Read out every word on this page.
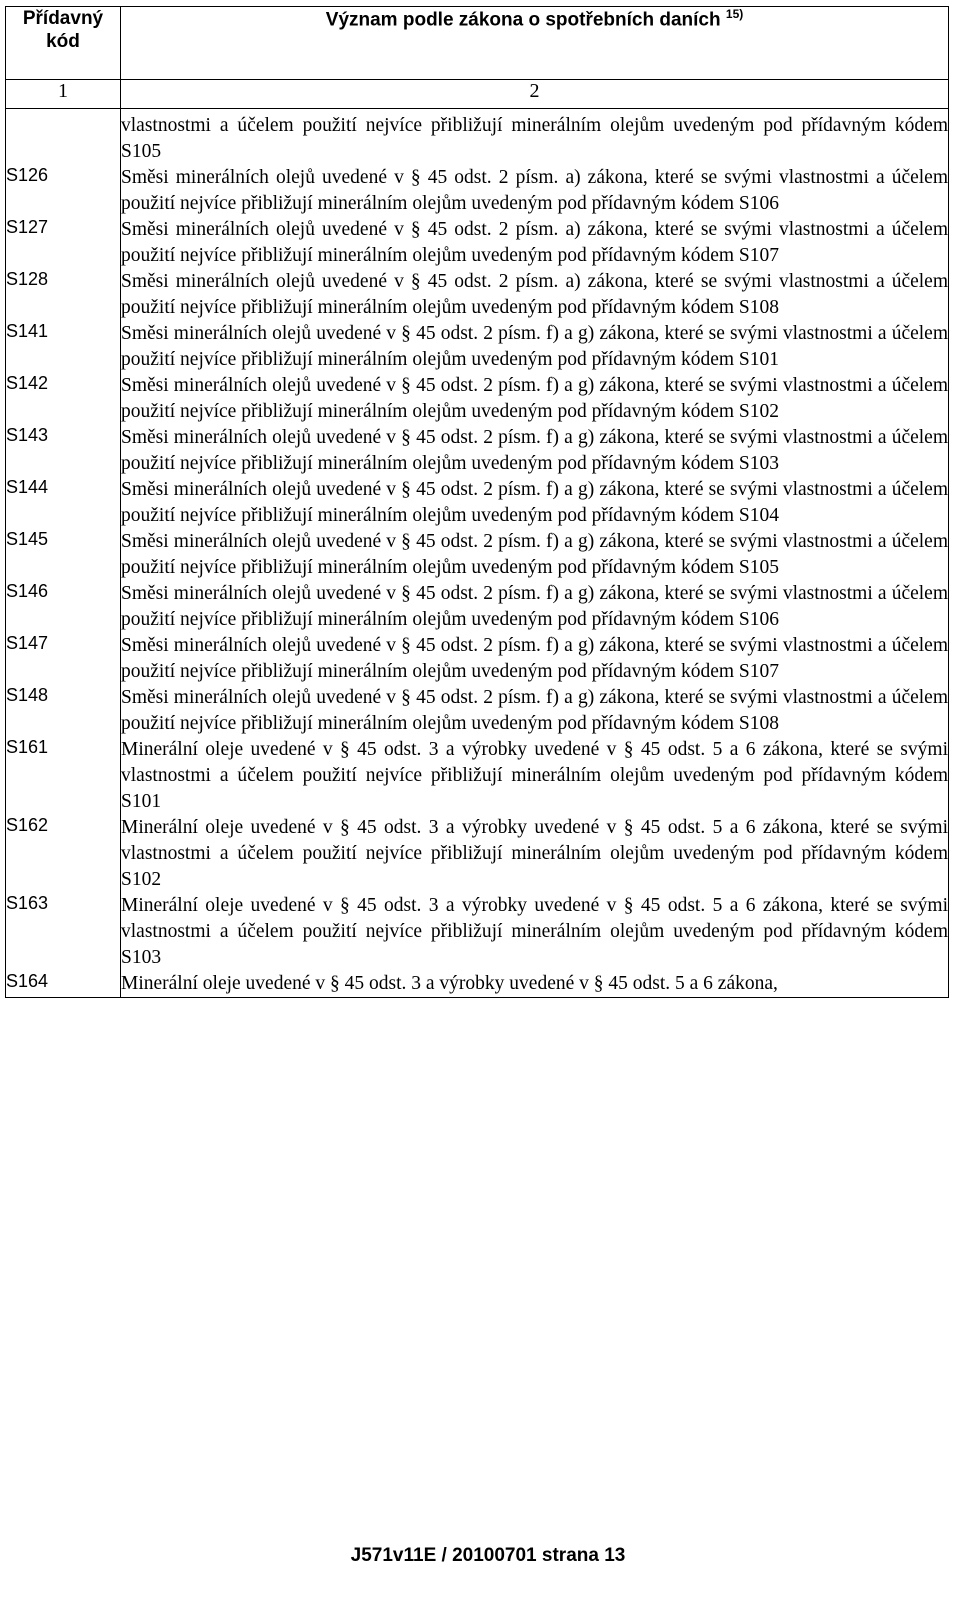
Přídavný kód	Význam podle zákona o spotřebních daních $^{15)}$
1	2
	vlastnostmi a účelem použití nejvíce přibližují minerálním olejům uvedeným pod přídavným kódem S105
S126	Směsi minerálních olejů uvedené v § 45 odst. 2 písm. a) zákona, které se svými vlastnostmi a účelem použití nejvíce přibližují minerálním olejům uvedeným pod přídavným kódem S106
S127	Směsi minerálních olejů uvedené v § 45 odst. 2 písm. a) zákona, které se svými vlastnostmi a účelem použití nejvíce přibližují minerálním olejům uvedeným pod přídavným kódem S107
S128	Směsi minerálních olejů uvedené v § 45 odst. 2 písm. a) zákona, které se svými vlastnostmi a účelem použití nejvíce přibližují minerálním olejům uvedeným pod přídavným kódem S108
S141	Směsi minerálních olejů uvedené v § 45 odst. 2 písm. f) a g) zákona, které se svými vlastnostmi a účelem použití nejvíce přibližují minerálním olejům uvedeným pod přídavným kódem S101
S142	Směsi minerálních olejů uvedené v § 45 odst. 2 písm. f) a g) zákona, které se svými vlastnostmi a účelem použití nejvíce přibližují minerálním olejům uvedeným pod přídavným kódem S102
S143	Směsi minerálních olejů uvedené v § 45 odst. 2 písm. f) a g) zákona, které se svými vlastnostmi a účelem použití nejvíce přibližují minerálním olejům uvedeným pod přídavným kódem S103
S144	Směsi minerálních olejů uvedené v § 45 odst. 2 písm. f) a g) zákona, které se svými vlastnostmi a účelem použití nejvíce přibližují minerálním olejům uvedeným pod přídavným kódem S104
S145	Směsi minerálních olejů uvedené v § 45 odst. 2 písm. f) a g) zákona, které se svými vlastnostmi a účelem použití nejvíce přibližují minerálním olejům uvedeným pod přídavným kódem S105
S146	Směsi minerálních olejů uvedené v § 45 odst. 2 písm. f) a g) zákona, které se svými vlastnostmi a účelem použití nejvíce přibližují minerálním olejům uvedeným pod přídavným kódem S106
S147	Směsi minerálních olejů uvedené v § 45 odst. 2 písm. f) a g) zákona, které se svými vlastnostmi a účelem použití nejvíce přibližují minerálním olejům uvedeným pod přídavným kódem S107
S148	Směsi minerálních olejů uvedené v § 45 odst. 2 písm. f) a g) zákona, které se svými vlastnostmi a účelem použití nejvíce přibližují minerálním olejům uvedeným pod přídavným kódem S108
S161	Minerální oleje uvedené v § 45 odst. 3 a výrobky uvedené v § 45 odst. 5 a 6 zákona, které se svými vlastnostmi a účelem použití nejvíce přibližují minerálním olejům uvedeným pod přídavným kódem S101
S162	Minerální oleje uvedené v § 45 odst. 3 a výrobky uvedené v § 45 odst. 5 a 6 zákona, které se svými vlastnostmi a účelem použití nejvíce přibližují minerálním olejům uvedeným pod přídavným kódem S102
S163	Minerální oleje uvedené v § 45 odst. 3 a výrobky uvedené v § 45 odst. 5 a 6 zákona, které se svými vlastnostmi a účelem použití nejvíce přibližují minerálním olejům uvedeným pod přídavným kódem S103
S164	Minerální oleje uvedené v § 45 odst. 3 a výrobky uvedené v § 45 odst. 5 a 6 zákona,
J571v11E / 20100701 strana 13
